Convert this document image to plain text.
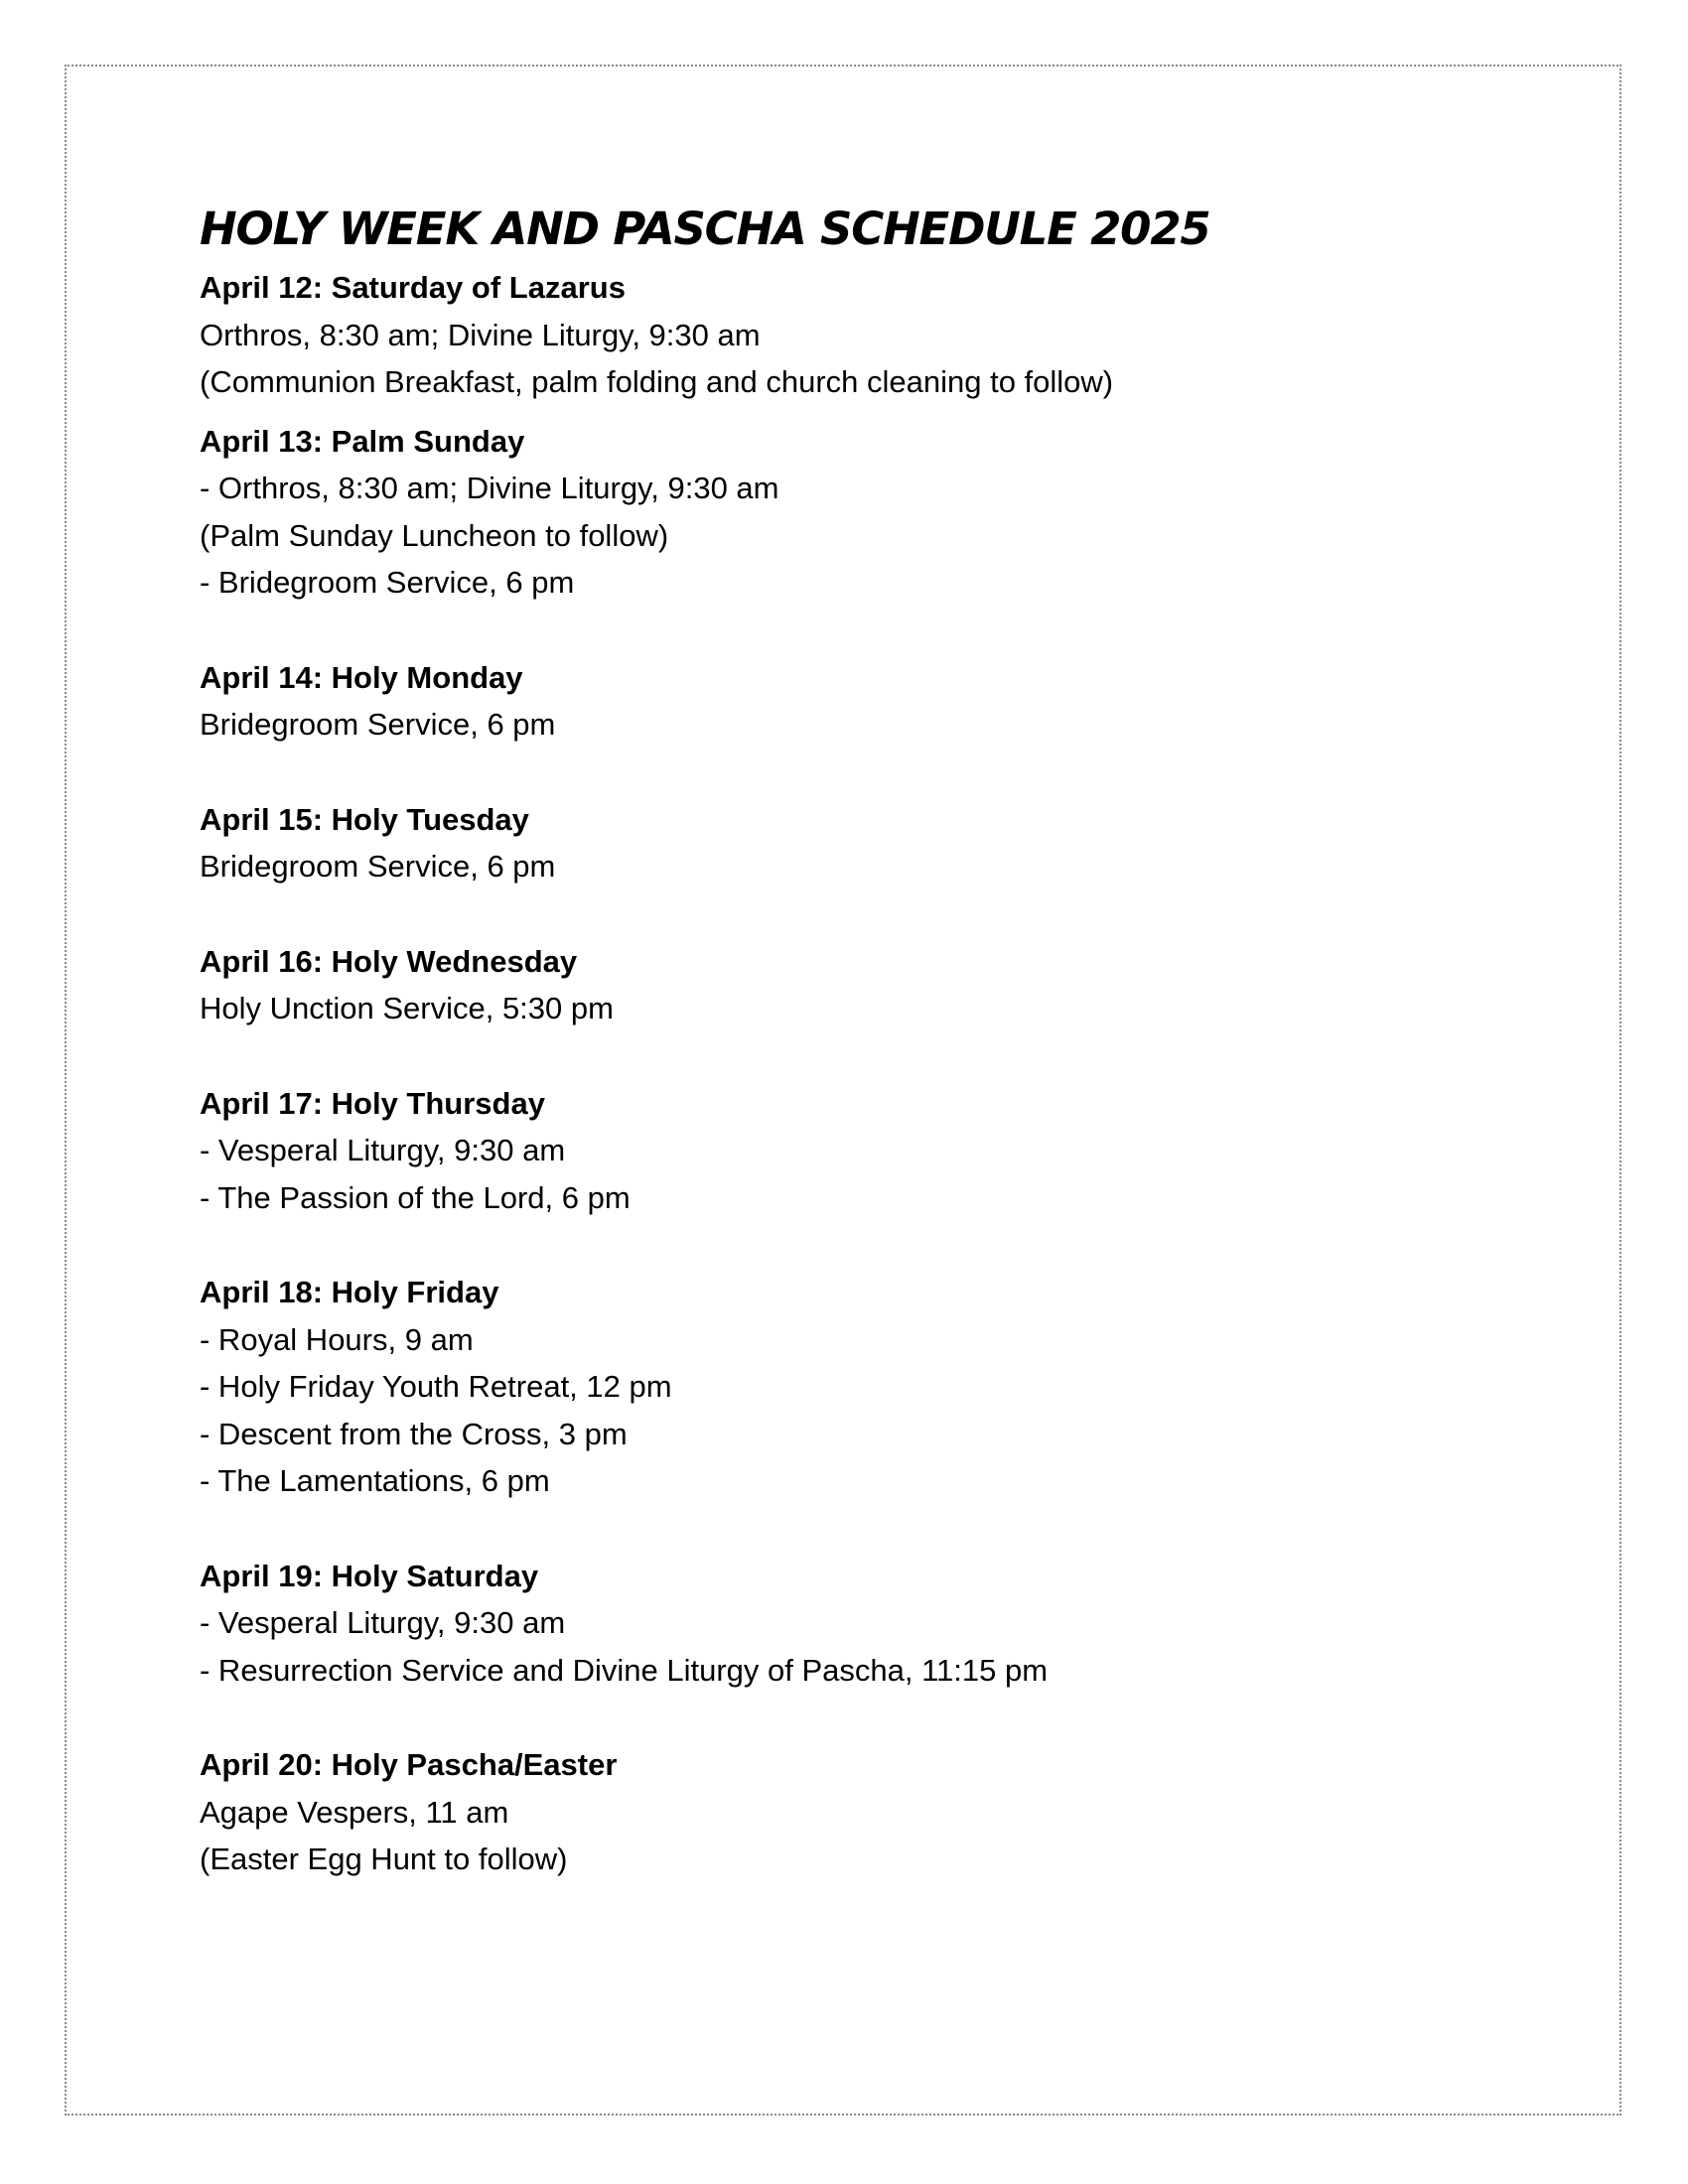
HOLY WEEK AND PASCHA SCHEDULE 2025
April 12: Saturday of Lazarus
Orthros, 8:30 am; Divine Liturgy, 9:30 am
(Communion Breakfast, palm folding and church cleaning to follow)
April 13: Palm Sunday
- Orthros, 8:30 am; Divine Liturgy, 9:30 am
(Palm Sunday Luncheon to follow)
- Bridegroom Service, 6 pm
April 14: Holy Monday
Bridegroom Service, 6 pm
April 15: Holy Tuesday
Bridegroom Service, 6 pm
April 16: Holy Wednesday
Holy Unction Service, 5:30 pm
April 17: Holy Thursday
- Vesperal Liturgy, 9:30 am
- The Passion of the Lord, 6 pm
April 18: Holy Friday
- Royal Hours, 9 am
- Holy Friday Youth Retreat, 12 pm
- Descent from the Cross, 3 pm
- The Lamentations, 6 pm
April 19: Holy Saturday
- Vesperal Liturgy, 9:30 am
- Resurrection Service and Divine Liturgy of Pascha, 11:15 pm
April 20: Holy Pascha/Easter
Agape Vespers, 11 am
(Easter Egg Hunt to follow)
